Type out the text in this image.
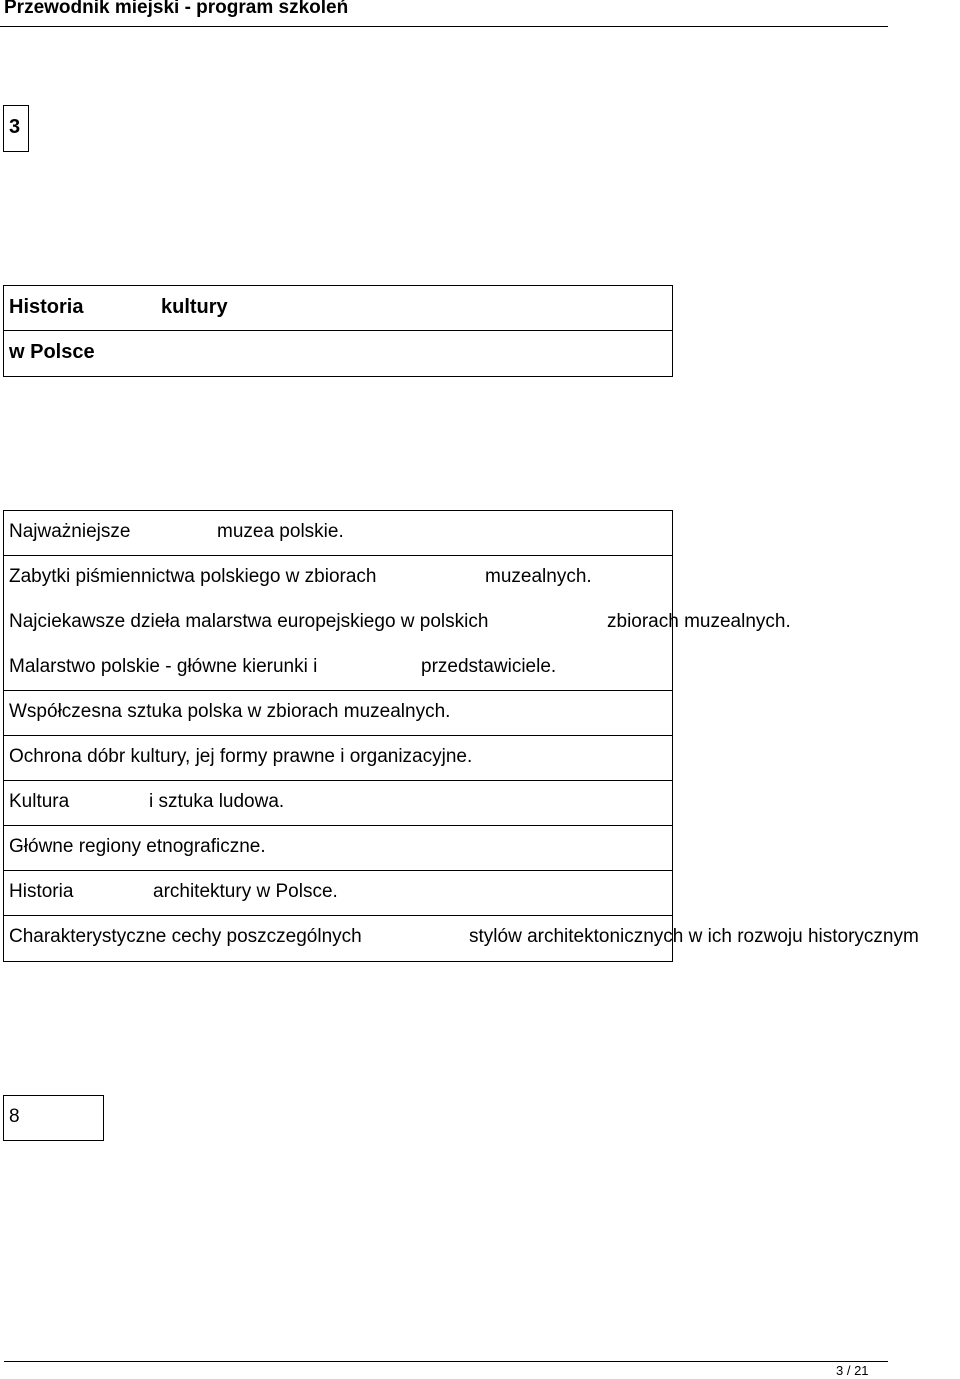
Przewodnik miejski - program szkoleń
3
Historia	kultury
w Polsce
Najważniejsze	muzea polskie.
Zabytki piśmiennictwa polskiego w zbiorach	muzealnych.
Najciekawsze dzieła malarstwa europejskiego w polskich	zbiorach muzealnych.
Malarstwo polskie - główne kierunki i	przedstawiciele.
Współczesna sztuka polska w zbiorach muzealnych.
Ochrona dóbr kultury, jej formy prawne i organizacyjne.
Kultura	i sztuka ludowa.
Główne regiony etnograficzne.
Historia	architektury w Polsce.
Charakterystyczne cechy poszczególnych	stylów architektonicznych w ich rozwoju historycznym
8
3 / 21
